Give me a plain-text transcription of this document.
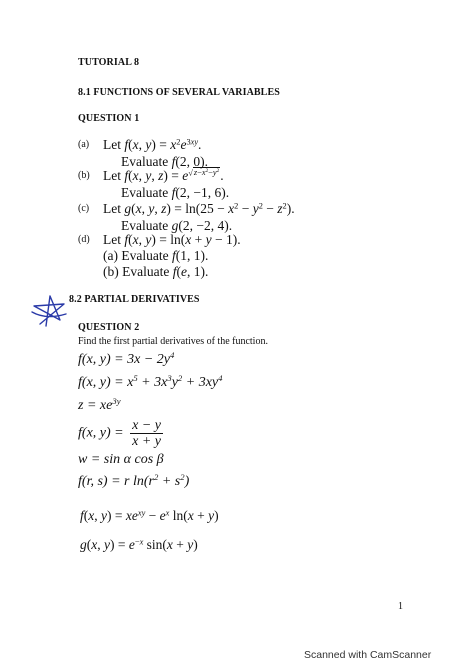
TUTORIAL 8
8.1 FUNCTIONS OF SEVERAL VARIABLES
QUESTION 1
(a) Let f(x, $y) = x^2e^{3xy}$.
Evaluate f(2, 0).
(b) Let f(x, y, $z) = e^{√z-x^2-y^2}$.
Evaluate f(2, −1, 6).
(c) Let g(x, y, $z) = \ln(25 - x^2 - y^2 - z^2)$.
Evaluate g(2, −2, 4).
(d) Let f(x, y) = ln(x + y − 1).
(a) Evaluate f(1, 1).
(b) Evaluate f(e, 1).
8.2 PARTIAL DERIVATIVES
QUESTION 2
Find the first partial derivatives of the function.
f(x, $y) = 3x - 2y^4$
f(x, $y) = x^5 + 3x^3y^2 + 3xy^4$
$z = xe^{3y}$
f(x, $y) = \frac{x - y}{x + y}$
w = sin α cos β
f(r, s) = r $\ln(r^2 + s^2)$
f(x, $y) = xe^{xy} - e^x$ ln(x + y)
g(x, $y) = e^{-x}$ sin(x + y)
1
Scanned with CamScanner
